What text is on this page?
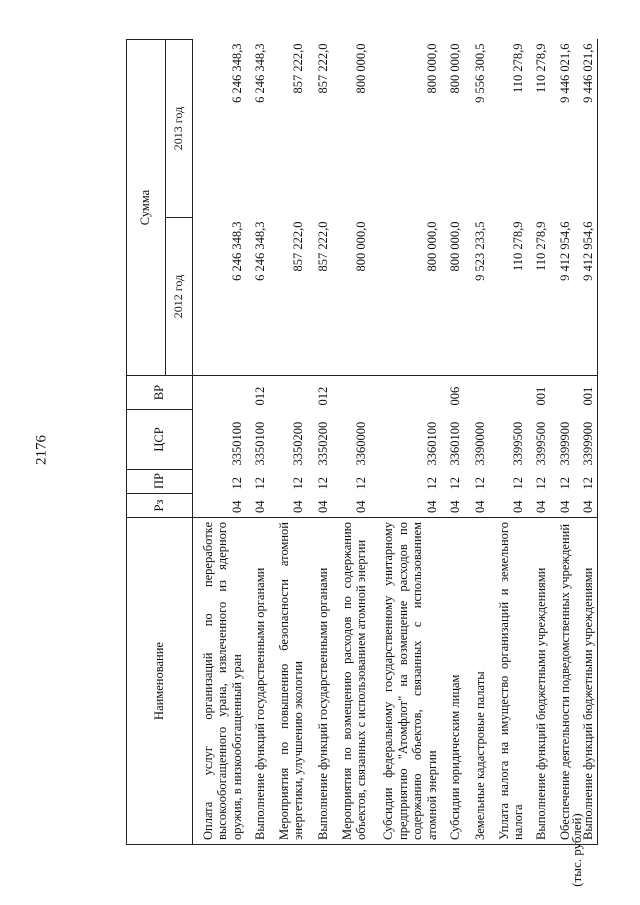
2176
(тыс. рублей)
Наименование	Рз	ПР	ЦСР	ВР	Сумма	
					2012 год	2013 год
Оплата услуг организаций по переработке высокообогащенного урана, извлеченного из ядерного оружия, в низкообогащенный уран	04	12	3350100		6 246 348,3	6 246 348,3
Выполнение функций государственными органами	04	12	3350100	012	6 246 348,3	6 246 348,3
Мероприятия по повышению безопасности атомной энергетики, улучшению экологии	04	12	3350200		857 222,0	857 222,0
Выполнение функций государственными органами	04	12	3350200	012	857 222,0	857 222,0
Мероприятия по возмещению расходов по содержанию объектов, связанных с использованием атомной энергии	04	12	3360000		800 000,0	800 000,0
Субсидии федеральному государственному унитарному предприятию "Атомфлот" на возмещение расходов по содержанию объектов, связанных с использованием атомной энергии	04	12	3360100		800 000,0	800 000,0
Субсидии юридическим лицам	04	12	3360100	006	800 000,0	800 000,0
Земельные кадастровые палаты	04	12	3390000		9 523 233,5	9 556 300,5
Уплата налога на имущество организаций и земельного налога	04	12	3399500		110 278,9	110 278,9
Выполнение функций бюджетными учреждениями	04	12	3399500	001	110 278,9	110 278,9
Обеспечение деятельности подведомственных учреждений	04	12	3399900		9 412 954,6	9 446 021,6
Выполнение функций бюджетными учреждениями	04	12	3399900	001	9 412 954,6	9 446 021,6
